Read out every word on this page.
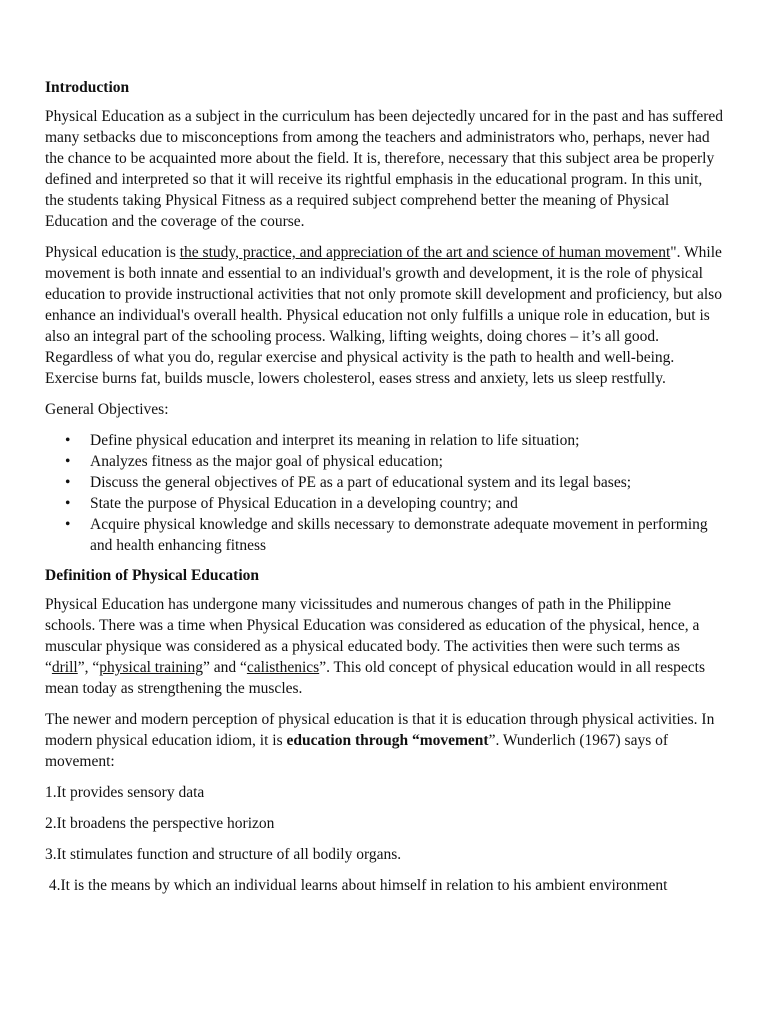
Introduction

Physical Education as a subject in the curriculum has been dejectedly uncared for in the past and has suffered many setbacks due to misconceptions from among the teachers and administrators who, perhaps, never had the chance to be acquainted more about the field. It is, therefore, necessary that this subject area be properly defined and interpreted so that it will receive its rightful emphasis in the educational program. In this unit, the students taking Physical Fitness as a required subject comprehend better the meaning of Physical Education and the coverage of the course.

Physical education is the study, practice, and appreciation of the art and science of human movement". While movement is both innate and essential to an individual's growth and development, it is the role of physical education to provide instructional activities that not only promote skill development and proficiency, but also enhance an individual's overall health. Physical education not only fulfills a unique role in education, but is also an integral part of the schooling process. Walking, lifting weights, doing chores – it’s all good. Regardless of what you do, regular exercise and physical activity is the path to health and well-being. Exercise burns fat, builds muscle, lowers cholesterol, eases stress and anxiety, lets us sleep restfully.

General Objectives:

• Define physical education and interpret its meaning in relation to life situation;
• Analyzes fitness as the major goal of physical education;
• Discuss the general objectives of PE as a part of educational system and its legal bases;
• State the purpose of Physical Education in a developing country; and
• Acquire physical knowledge and skills necessary to demonstrate adequate movement in performing and health enhancing fitness

Definition of Physical Education

Physical Education has undergone many vicissitudes and numerous changes of path in the Philippine schools. There was a time when Physical Education was considered as education of the physical, hence, a muscular physique was considered as a physical educated body. The activities then were such terms as “drill”, “physical training” and “calisthenics”. This old concept of physical education would in all respects mean today as strengthening the muscles.

The newer and modern perception of physical education is that it is education through physical activities. In modern physical education idiom, it is education through “movement”. Wunderlich (1967) says of movement:

1.It provides sensory data

2.It broadens the perspective horizon

3.It stimulates function and structure of all bodily organs.

4.It is the means by which an individual learns about himself in relation to his ambient environment
